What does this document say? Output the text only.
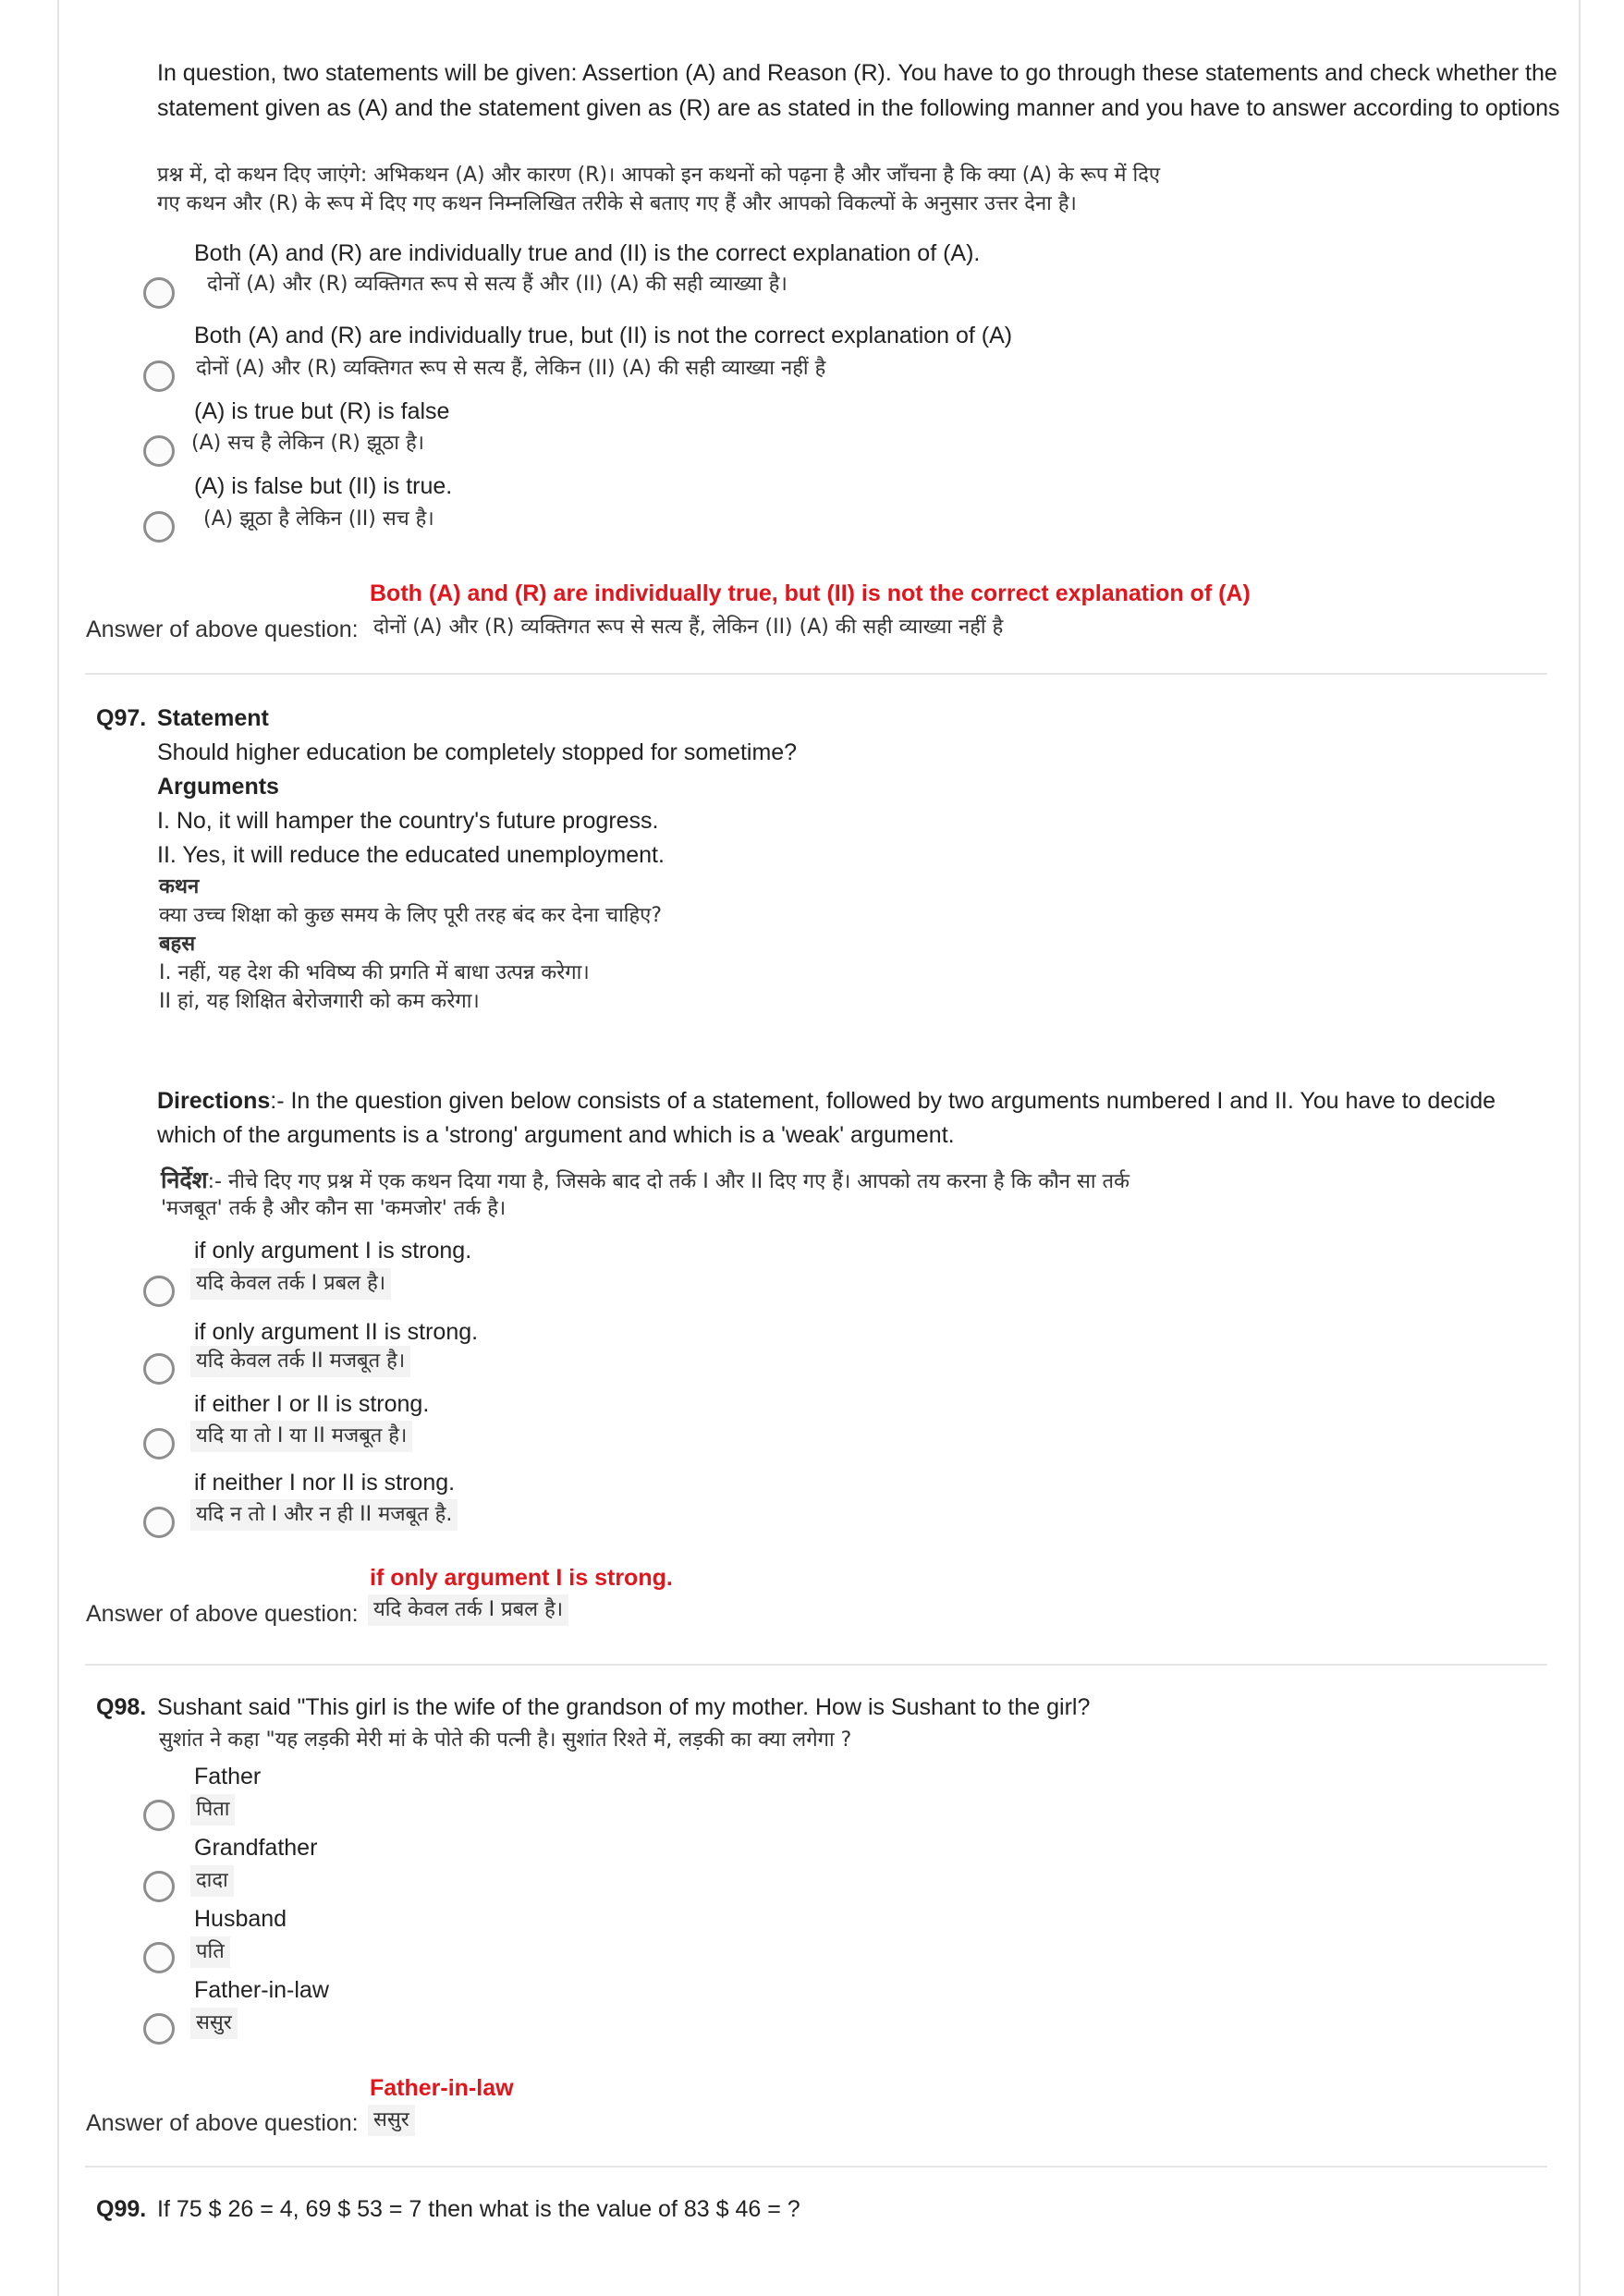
In question, two statements will be given: Assertion (A) and Reason (R). You have to go through these statements and check whether the
statement given as (A) and the statement given as (R) are as stated in the following manner and you have to answer according to options
प्रश्न में, दो कथन दिए जाएंगे: अभिकथन (A) और कारण (R)। आपको इन कथनों को पढ़ना है और जाँचना है कि क्या (A) के रूप में दिए
गए कथन और (R) के रूप में दिए गए कथन निम्नलिखित तरीके से बताए गए हैं और आपको विकल्पों के अनुसार उत्तर देना है।
Both (A) and (R) are individually true and (II) is the correct explanation of (A).
दोनों (A) और (R) व्यक्तिगत रूप से सत्य हैं और (II) (A) की सही व्याख्या है।
Both (A) and (R) are individually true, but (II) is not the correct explanation of (A)
दोनों (A) और (R) व्यक्तिगत रूप से सत्य हैं, लेकिन (II) (A) की सही व्याख्या नहीं है
(A) is true but (R) is false
(A) सच है लेकिन (R) झूठा है।
(A) is false but (II) is true.
(A) झूठा है लेकिन (II) सच है।
Both (A) and (R) are individually true, but (II) is not the correct explanation of (A)
Answer of above question: दोनों (A) और (R) व्यक्तिगत रूप से सत्य हैं, लेकिन (II) (A) की सही व्याख्या नहीं है
Q97. Statement
Should higher education be completely stopped for sometime?
Arguments
I. No, it will hamper the country's future progress.
II. Yes, it will reduce the educated unemployment.
कथन
क्या उच्च शिक्षा को कुछ समय के लिए पूरी तरह बंद कर देना चाहिए?
बहस
I. नहीं, यह देश की भविष्य की प्रगति में बाधा उत्पन्न करेगा।
II हां, यह शिक्षित बेरोजगारी को कम करेगा।
Directions:- In the question given below consists of a statement, followed by two arguments numbered I and II. You have to decide
which of the arguments is a 'strong' argument and which is a 'weak' argument.
निर्देश:- नीचे दिए गए प्रश्न में एक कथन दिया गया है, जिसके बाद दो तर्क I और II दिए गए हैं। आपको तय करना है कि कौन सा तर्क
'मजबूत' तर्क है और कौन सा 'कमजोर' तर्क है।
if only argument I is strong.
यदि केवल तर्क I प्रबल है।
if only argument II is strong.
यदि केवल तर्क II मजबूत है।
if either I or II is strong.
यदि या तो I या II मजबूत है।
if neither I nor II is strong.
यदि न तो I और न ही II मजबूत है.
if only argument I is strong.
Answer of above question: यदि केवल तर्क I प्रबल है।
Q98. Sushant said "This girl is the wife of the grandson of my mother. How is Sushant to the girl?
सुशांत ने कहा "यह लड़की मेरी मां के पोते की पत्नी है। सुशांत रिश्ते में, लड़की का क्या लगेगा ?
Father
पिता
Grandfather
दादा
Husband
पति
Father-in-law
ससुर
Father-in-law
Answer of above question: ससुर
Q99. If 75 $ 26 = 4, 69 $ 53 = 7 then what is the value of 83 $ 46 = ?
